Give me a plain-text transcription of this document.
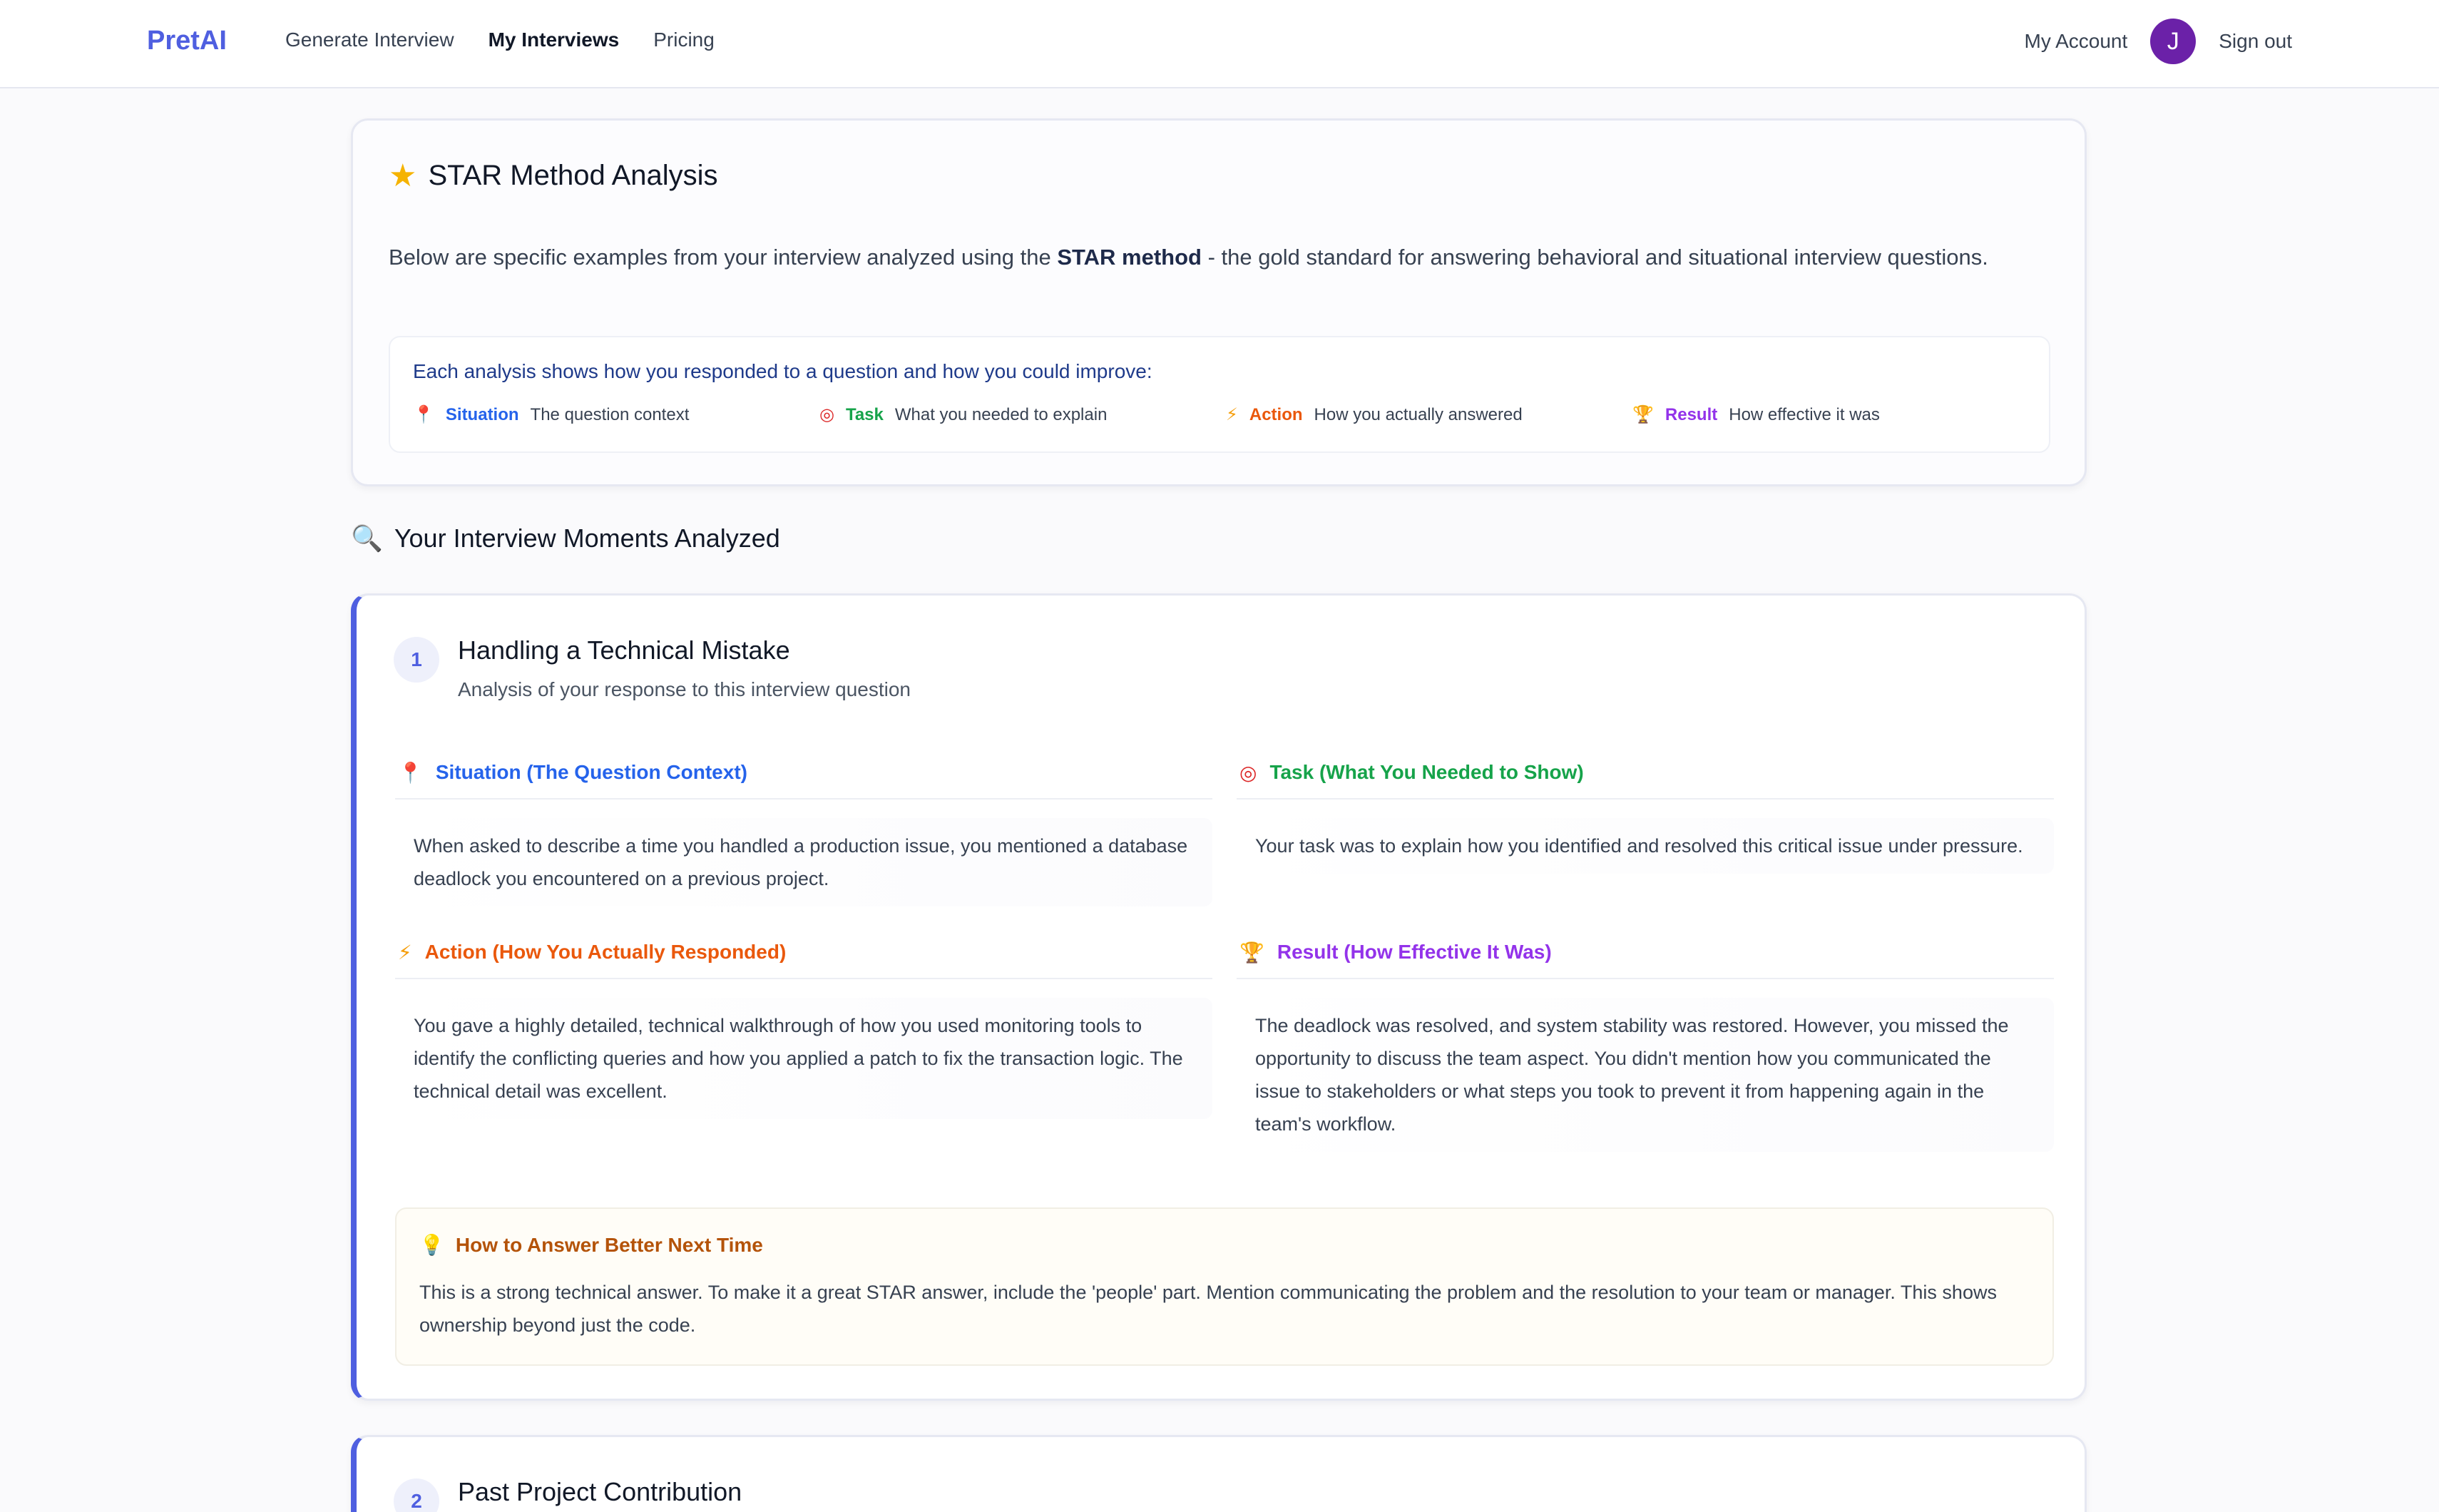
PretAI	Generate Interview My Interviews Pricing	My Account	J	Sign out
★ STAR Method Analysis

Below are specific examples from your interview analyzed using the STAR method - the gold standard for answering behavioral and situational interview questions.

Each analysis shows how you responded to a question and how you could improve:
📍 Situation The question context	◎ Task What you needed to explain	⚡ Action How you actually answered	🏆 Result How effective it was
🔍 Your Interview Moments Analyzed
1	Handling a Technical Mistake
Analysis of your response to this interview question
📍 Situation (The Question Context)
When asked to describe a time you handled a production issue, you mentioned a database deadlock you encountered on a previous project.
◎ Task (What You Needed to Show)
Your task was to explain how you identified and resolved this critical issue under pressure.
⚡ Action (How You Actually Responded)
You gave a highly detailed, technical walkthrough of how you used monitoring tools to identify the conflicting queries and how you applied a patch to fix the transaction logic. The technical detail was excellent.
🏆 Result (How Effective It Was)
The deadlock was resolved, and system stability was restored. However, you missed the opportunity to discuss the team aspect. You didn't mention how you communicated the issue to stakeholders or what steps you took to prevent it from happening again in the team's workflow.
💡 How to Answer Better Next Time
This is a strong technical answer. To make it a great STAR answer, include the 'people' part. Mention communicating the problem and the resolution to your team or manager. This shows ownership beyond just the code.
2	Past Project Contribution
